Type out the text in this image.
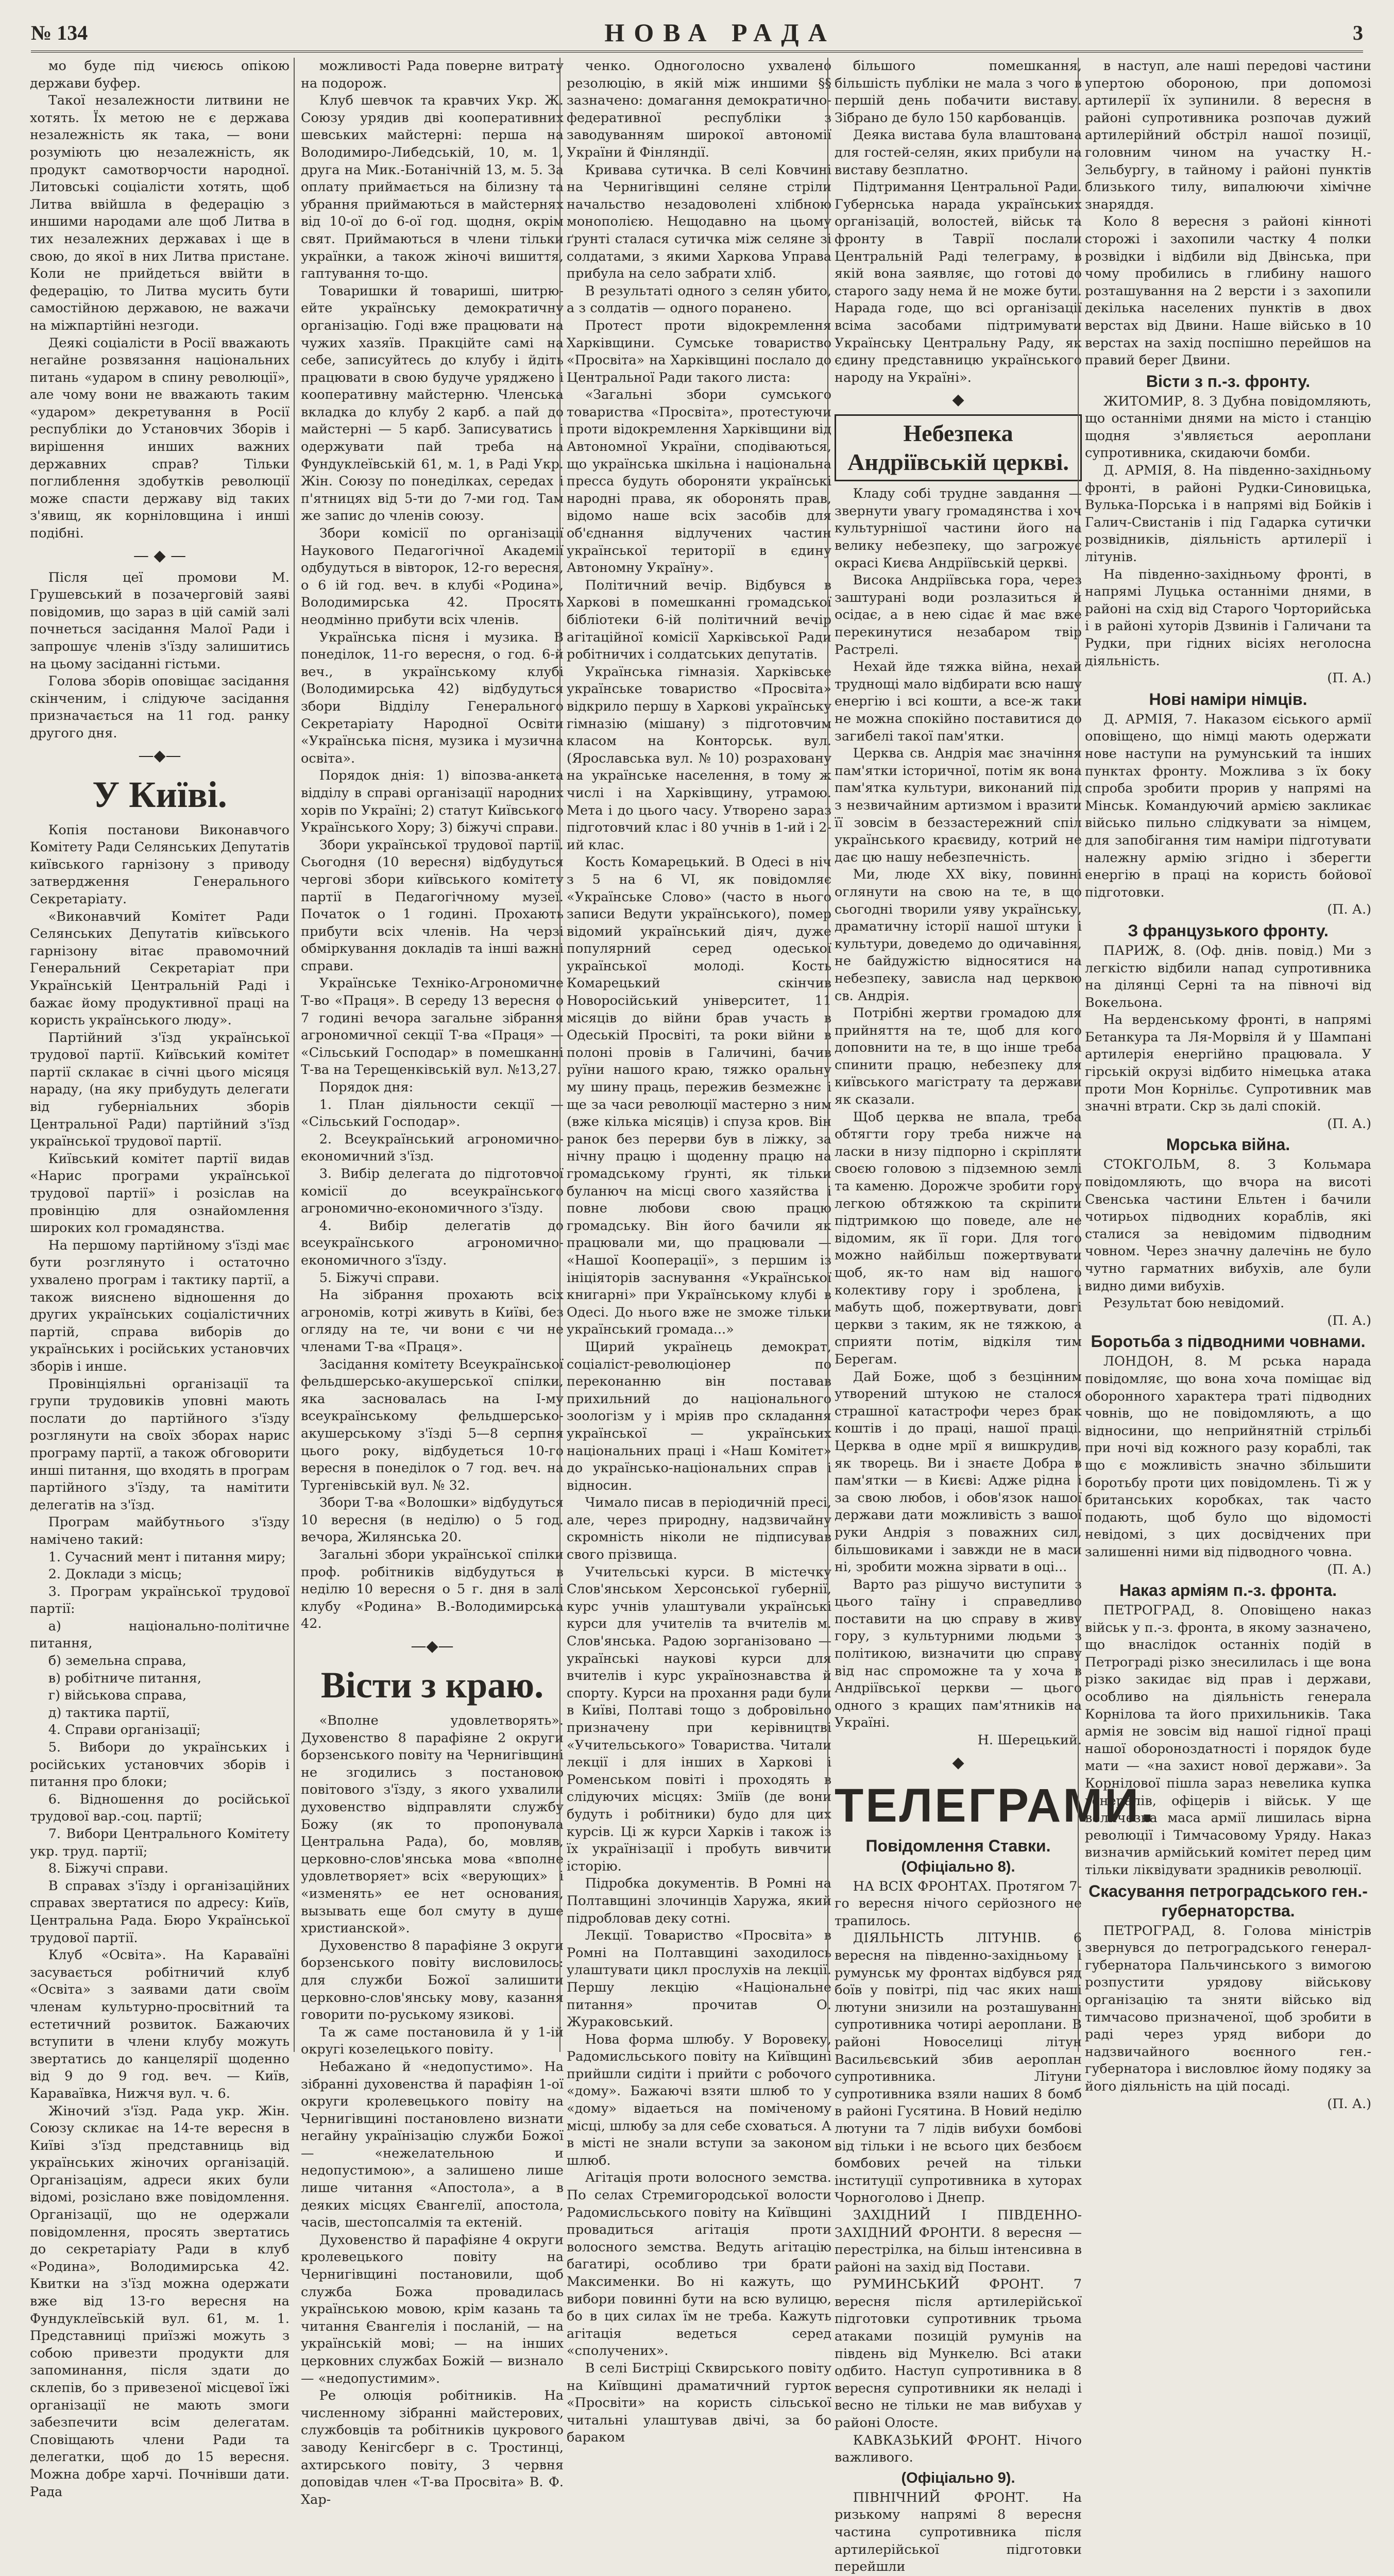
№ 134	НОВА РАДА	3
мо буде під чиєюсь опікою держави буфер.
Такої незалежности литвини не хотять. Їх метою не є держава незалежність як така, — вони розуміють цю незалежність, як продукт самотворчости народної. Литовські соціалісти хотять, щоб Литва ввійшла в федерацію з иншими народами але щоб Литва в тих незалежних державах і ще в свою, до якої в них Литва пристане. Коли не прийдеться ввійти в федерацію, то Литва мусить бути самостійною державою, не важачи на міжпартійні незгоди.
Деякі соціалісти в Росії вважають негайне розвязання національних питань «ударом в спину революції», але чому вони не вважають таким «ударом» декретування в Росії республіки до Установчих Зборів і вирішення инших важних державних справ? Тільки поглиблення здобутків революції може спасти державу від таких з'явищ, як корніловщина і инші подібні.
— ◆ —
Після цеї промови М. Грушевський в позачерговій заяві повідомив, що зараз в цій самій залі почнеться засідання Малої Ради і запрошує членів з'їзду залишитись на цьому засіданні гістьми.
Голова зборів оповіщає засідання скінченим, і слідуюче засідання призначається на 11 год. ранку другого дня.
—◆—
У Київі.
Копія постанови Виконавчого Комітету Ради Селянських Депутатів київського гарнізону з приводу затвердження Генерального Секретаріату.
«Виконавчий Комітет Ради Селянських Депутатів київського гарнізону вітає правомочний Генеральний Секретаріат при Українській Центральній Раді і бажає йому продуктивної праці на користь українського люду».
Партійний з'їзд української трудової партії. Київський комітет партії склакає в січні цього місяця нараду, (на яку прибудуть делегати від губерніальних зборів Центральної Ради) партійний з'їзд української трудової партії.
Київський комітет партії видав «Нарис програми української трудової партії» і розіслав на провінцію для ознайомлення широких кол громадянства.
На першому партійному з'їзді має бути розглянуто і остаточно ухвалено програм і тактику партії, а також вияснено відношення до других українських соціалістичних партій, справа виборів до українських і російських установчих зборів і инше.
Провінціяльні організації та групи трудовиків уповні мають послати до партійного з'їзду розглянути на своїх зборах нарис програму партії, а також обговорити инші питання, що входять в програм партійного з'їзду, та намітити делегатів на з'їзд.
Програм майбутнього з'їзду намічено такий:
1. Сучасний мент і питання миру;
2. Доклади з місць;
3. Програм української трудової партії:
а) національно-політичне питання,
б) земельна справа,
в) робітниче питання,
г) військова справа,
д) тактика партії,
4. Справи організації;
5. Вибори до українських і російських установчих зборів і питання про блоки;
6. Відношення до російської трудової вар.-соц. партії;
7. Вибори Центрального Комітету укр. труд. партії;
8. Біжучі справи.
В справах з'їзду і організаційних справах звертатися по адресу: Київ, Центральна Рада. Бюро Української трудової партії.
Клуб «Освіта». На Караваїні засувається робітничий клуб «Освіта» з заявами дати своїм членам культурно-просвітний та естетичний розвиток. Бажаючих вступити в члени клубу можуть звертатись до канцелярії щоденно від 9 до 9 год. веч. — Київ, Караваївка, Нижчя вул. ч. 6.
Жіночий з'їзд. Рада укр. Жін. Союзу скликає на 14-те вересня в Київі з'їзд представниць від українських жіночих організацій. Організаціям, адреси яких були відомі, розіслано вже повідомлення. Організації, що не одержали повідомлення, просять звертатись до секретаріату Ради в клуб «Родина», Володимирська 42. Квитки на з'їзд можна одержати вже від 13-го вересня на Фундуклеївській вул. 61, м. 1. Представниці приїзжі можуть з собою привезти продукти для запоминання, після здати до склепів, бо з привезеної місцевої їжі організації не мають змоги забезпечити всім делегатам. Сповіщають члени Ради та делегатки, щоб до 15 вересня. Можна добре харчі. Почнівши дати. Рада
можливості Рада поверне витрату на подорож.
Клуб шевчок та кравчих Укр. Ж. Союзу урядив дві кооперативних шевських майстерні: перша на Володимиро-Либедській, 10, м. 1, друга на Мик.-Ботанічній 13, м. 5. За оплату приймається на білизну та убрання приймаються в майстернях від 10-ої до 6-ої год. щодня, окрім свят. Приймаються в члени тільки українки, а також жіночі вишиття, гаптування то-що.
Товаришки й товариші, шитрю-ейте українську демократичну організацію. Годі вже працювати на чужих хазяїв. Пракційте самі на себе, записуйтесь до клубу і йдіть працювати в свою будуче уряджено і кооперативну майстерню. Членська вкладка до клубу 2 карб. а пай до майстерні — 5 карб. Записуватись і одержувати пай треба на Фундуклеївській 61, м. 1, в Раді Укр. Жін. Союзу по понеділках, середах і п'ятницях від 5-ти до 7-ми год. Там же запис до членів союзу.
Збори комісії по організації Наукового Педагогічної Академії одбудуться в вівторок, 12-го вересня, о 6 ій год. веч. в клубі «Родина», Володимирська 42. Просять неодмінно прибути всіх членів.
Українська пісня і музика. В понеділок, 11-го вересня, о год. 6-й веч., в українському клубі (Володимирська 42) відбудуться збори Відділу Генерального Секретаріату Народної Освіти «Українська пісня, музика і музична освіта».
Порядок днія: 1) віпозва-анкета відділу в справі організації народних хорів по Україні; 2) статут Київського Українського Хору; 3) біжучі справи.
Збори української трудової партії. Сьогодня (10 вересня) відбудуться чергові збори київського комітету партії в Педагогічному музеї. Початок о 1 годині. Прохають прибути всіх членів. На черзі обміркування докладів та інші важні справи.
Українське Техніко-Агрономичне Т-во «Праця». В середу 13 вересня о 7 годині вечора загальне зібрання агрономичної секції Т-ва «Праця» — «Сільський Господар» в помешканні Т-ва на Терещенківській вул. №13,27.
Порядок дня:
1. План діяльности секції — «Сільський Господар».
2. Всеукраїнський агрономично-економичний з'їзд.
3. Вибір делегата до підготовчої комісії до всеукраїнського агрономично-економичного з'їзду.
4. Вибір делегатів до всеукраїнського агрономично-економичного з'їзду.
5. Біжучі справи.
На зібрання прохають всіх агрономів, котрі живуть в Київі, без огляду на те, чи вони є чи не членами Т-ва «Праця».
Засідання комітету Всеукраїнської фельдшерсько-акушерської спілки, яка засновалась на І-му всеукраїнському фельдшерсько-акушерському з'їзді 5—8 серпня цього року, відбудеться 10-го вересня в понеділок о 7 год. веч. на Тургенівській вул. № 32.
Збори Т-ва «Волошки» відбудуться 10 вересня (в неділю) о 5 год. вечора, Жилянська 20.
Загальні збори української спілки проф. робітників відбудуться в неділю 10 вересня о 5 г. дня в залі клубу «Родина» В.-Володимирська 42.
—◆—
Вісти з краю.
«Вполне удовлетворять». Духовенство 8 парафіяне 2 округи борзенського повіту на Чернигівщині не згодились з постановою повітового з'їзду, з якого ухвалили духовенство відправляти службу Божу (як то пропонувала Центральна Рада), бо, мовляв, церковно-слов'янська мова «вполне удовлетворяет» всіх «верующих» і «изменять» ее нет основания, вызывать еще бол смуту в душе христианской».
Духовенство 8 парафіяне 3 округи борзенського повіту висловилось: для служби Божої залишити церковно-слов'янську мову, казання говорити по-руському язикові.
Та ж саме постановила й у 1-ій округі козелецького повіту.
Небажано й «недопустимо». На зібранні духовенства й парафіян 1-ої округи кролевецького повіту на Чернигівщині постановлено визнати негайну українізацію служби Божої — «нежелательною и недопустимою», а залишено лише лише читання «Апостола», а в деяких місцях Євангелії, апостола, часів, шестопсалмія та ектеній.
Духовенство й парафіяне 4 округи кролевецького повіту на Чернигівщині постановили, щоб служба Божа провадилась українською мовою, крім казань та читання Євангелія і посланій, — на українській мові; — на інших церковних службах Божій — визнало — «недопустимим».
Ре олюція робітників. На численному зібранні майстерових, службовців та робітників цукрового заводу Кенігсберг в с. Тростинці, ахтирського повіту, 3 червня доповідав член «Т-ва Просвіта» В. Ф. Хар-
ченко. Одноголосно ухвалено резолюцію, в якій між иншими §§ зазначено: домагання демократично-федеративної республіки з заводуванням широкої автономії України й Фінляндії.
Кривава сутичка. В селі Ковчині на Чернигівщині селяне стріли начальство незадоволені хлібною монополією. Нещодавно на цьому ґрунті сталася сутичка між селяне зі солдатами, з якими Харкова Управа прибула на село забрати хліб.
В результаті одного з селян убито, а з солдатів — одного поранено.
Протест проти відокремлення Харківщини. Сумське товариство «Просвіта» на Харківщині послало до Центральної Ради такого листа:
«Загальні збори сумського товариства «Просвіта», протестуючи проти відокремлення Харківщини від Автономної України, сподіваються, що українська шкільна і національна пресса будуть обороняти українські народні права, як оборонять прав, відомо наше всіх засобів для об'єднання відлучених частин української території в єдину Автономну Україну».
Політичний вечір. Відбувся в Харкові в помешканні громадської бібліотеки 6-ій політичний вечір агітаційної комісії Харківської Ради робітничих і солдатських депутатів.
Українська гімназія. Харківське українське товариство «Просвіта» відкрило першу в Харкові українську гімназію (мішану) з підготовчим класом на Конторськ. вул. (Ярославська вул. № 10) розраховану на українське населення, в тому ж числі і на Харківщину, утрамою. Мета і до цього часу. Утворено зараз підготовчий клас і 80 учнів в 1-ий і 2-ий клас.
Кость Комарецький. В Одесі в ніч з 5 на 6 VI, як повідомляє «Українське Слово» (часто в нього записи Ведути українського), помер відомий український діяч, дуже популярний серед одеської української молоді. Кость Комарецький скінчив Новоросійський університет, 11 місяців до війни брав участь в Одеській Просвіті, та роки війни в полоні провів в Галичині, бачив руїни нашого краю, тяжко оральну му шину праць, пережив безмежнє і ще за часи революції мастерно з ним (вже кілька місяців) і спуза кров. Він ранок без перерви був в ліжку, за нічну працю і щоденну працю на громадському ґрунті, як тільки буланюч на місці свого хазяйства і повне любови свою працю громадську. Він його бачили як працювали ми, що працювали — «Нашої Кооперації», з першим із ініціяторів заснування «Української книгарні» при Українському клубі в Одесі. До нього вже не зможе тільки український громада...»
Щирий українець демократ, соціаліст-революціонер по переконанню він поставав прихильний до національного зоологізм у і мріяв про складання української — українських національних праці і «Наш Комітет» до українсько-національних справ і відносин.
Чимало писав в періодичній пресі, але, через природну, надзвичайну скромність ніколи не підписував свого прізвища.
Учительські курси. В містечку Слов'янськом Херсонської губернії, курс учнів улаштували українські курси для учителів та вчителів м. Слов'янська. Радою зорганізовано — українські наукові курси для вчителів і курс українознавства й спорту. Курси на прохання ради були в Київі, Полтаві тощо з добровільно призначену при керівництві «Учительського» Товариства. Читали лекції і для інших в Харкові і Роменськом повіті і проходять в слідуючих місцях: Зміїв (де вони будуть і робітники) будо для цих курсів. Ці ж курси Харків і також із їх українізації і пробуть вивчити історію.
Підробка документів. В Ромні на Полтавщині злочинців Харужа, який підробловав деку сотні.
Лекції. Товариство «Просвіта» в Ромні на Полтавщині заходилось улаштувати цикл прослухів на лекції. Першу лекцію «Національне питання» прочитав О. Жураковський.
Нова форма шлюбу. У Воровеку, Радомисльського повіту на Київщині прийшли сидіти і прийти с робочого «дому». Бажаючі взяти шлюб то у «дому» відаеться на поміченому місці, шлюбу за для себе сховаться. А в місті не знали вступи за законом шлюб.
Агітація проти волосного земства. По селах Стремигородської волости Радомисльського повіту на Київщині провадиться агітація проти волосного земства. Ведуть агітацію багатирі, особливо три брати Максименки. Во ні кажуть, що вибори повинні бути на всю вулицю, бо в цих силах їм не треба. Кажуть агітація ведеться серед «сполучених».
В селі Бистріці Сквирського повіту на Київщині драматичний гурток «Просвіти» на користь сільської читальні улаштував двічі, за бо бараком
більшого помешкання, більшість публіки не мала з чого в першій день побачити виставу. Зібрано де було 150 карбованців.
Деяка вистава була влаштована для гостей-селян, яких прибули на виставу безплатно.
Підтримання Центральної Ради. Губернська нарада українських організацій, волостей, військ та фронту в Таврії послали Центральній Раді телеграму, в якій вона заявляє, що готові до старого заду нема й не може бути. Нарада годе, що всі організації всіма засобами підтримувати Українську Центральну Раду, як єдину представницю українського народу на Україні».
◆
Небезпека Андріївській церкві.
Кладу собі трудне завдання — звернути увагу громадянства і хоч культурнішої частини його на велику небезпеку, що загрожує окрасі Києва Андріївській церкві.
Висока Андріївська гора, через заштурані води розлазиться й осідає, а в нею сідає й має вже перекинутися незабаром твір Растрелі.
Нехай йде тяжка війна, нехай труднощі мало відбирати всю нашу енергію і всі кошти, а все-ж таки не можна спокійно поставитися до загибелі такої пам'ятки.
Церква св. Андрія має значіння пам'ятки історичної, потім як вона пам'ятка культури, виконаний під з незвичайним артизмом і вразити її зовсім в беззастережний спіл українського краєвиду, котрий не дає цю нашу небезпечність.
Ми, люде XX віку, повинні оглянути на свою на те, в що сьогодні творили уяву українську, драматичну історії нашої штуки і культури, доведемо до одичавіння, не байдужістю відносятися на небезпеку, зависла над церквою св. Андрія.
Потрібні жертви громадою для прийняття на те, щоб для кого доповнити на те, в що інше треба спинити працю, небезпеку для київського магістрату та держави як сказали.
Щоб церква не впала, треба обтягти гору треба нижче на ласки в низу підпорно і скріпляти своєю головою з підземною землі та каменю. Дорожче зробити гору легкою обтяжкою та скріпити підтримкою що поведе, але не відомим, як її гори. Для того можно найбільш пожертвувати щоб, як-то нам від нашого колективу гору і зроблена, і мабуть щоб, пожертвувати, довгі церкви з таким, як не тяжкою, а сприяти потім, відкіля тим Берегам.
Дай Боже, щоб з безцінним утворений штукою не сталося страшної катастрофи через брак коштів і до праці, нашої праці. Церква в одне мрії я вишкрудив, як творець. Ви і знаєте Добра в пам'ятки — в Києві: Адже рідна і за свою любов, і обов'язок нашої держави дати можливість з вашої руки Андрія з поважних сил, більшовиками і завжди не в маси ні, зробити можна зірвати в оці...
Варто раз рішучо виступити з цього таїну і справедливо поставити на цю справу в живу гору, з культурними людьми з політикою, визначити цю справу від нас спроможне та у хоча в Андріївської церкви — цього одного з кращих пам'ятників на Україні.
Н. Шерецький.
◆
ТЕЛЕГРАМИ.
Повідомлення Ставки.
(Офіціально 8).
НА ВСІХ ФРОНТАХ. Протягом 7-го вересня нічого серйозного не трапилось.
ДІЯЛЬНІСТЬ ЛІТУНІВ. 6 вересня на південно-західньому і румунськ му фронтах відбувся ряд боїв у повітрі, під час яких наші лютуни знизили на розташуванні супротивника чотирі аероплани. В районі Новоселиці літун Васильєвський збив аероплан супротивника. Літуни супротивника взяли наших 8 бомб в районі Гусятина. В Новий неділю лютуни та 7 лідів вибухи бомбові від тільки і не всього цих безбоєм бомбових речей на тільки інституції супротивника в хуторах Чорноголово і Днепр.
ЗАХІДНИЙ І ПІВДЕННО-ЗАХІДНИЙ ФРОНТИ. 8 вересня — перестрілка, на більш інтенсивна в районі на захід від Постави.
РУМИНСЬКИЙ ФРОНТ. 7 вересня після артилерійської підготовки супротивник трьома атаками позицій румунів на південь від Мункелю. Всі атаки одбито. Наступ супротивника в 8 вересня супротивники як неладі і весно не тільки не мав вибухав у районі Олосте.
КАВКАЗЬКИЙ ФРОНТ. Нічого важливого.
(Офіціально 9).
ПІВНІЧНИЙ ФРОНТ. На ризькому напрямі 8 вересня частина супротивника після артилерійської підготовки перейшли
в наступ, але наші передові частини упертою обороною, при допомозі артилерії їх зупинили. 8 вересня в районі супротивника розпочав дужий артилерійний обстріл нашої позиції, головним чином на участку Н.-Зельбургу, в тайному і районі пунктів близького тилу, випалюючи хімічне знаряддя.
Коло 8 вересня з районі кінноті сторожі і захопили частку 4 полки розвідки і відбили від Двінська, при чому пробились в глибину нашого розташування на 2 версти і з захопили декілька населених пунктів в двох верстах від Двини. Наше військо в 10 верстах на захід поспішно перейшов на правий берег Двини.
Вісти з п.-з. фронту.
ЖИТОМИР, 8. З Дубна повідомляють, що останніми днями на місто і станцію щодня з'являється аероплани супротивника, скидаючи бомби.
Д. АРМІЯ, 8. На південно-західньому фронті, в районі Рудки-Синовицька, Вулька-Порська і в напрямі від Бойків і Галич-Свистанів і під Гадарка сутички розвідників, діяльність артилерії і літунів.
На південно-західньому фронті, в напрямі Луцька останніми днями, в районі на схід від Старого Чорторийська і в районі хуторів Дзвинів і Галичани та Рудки, при гідних вісіях неголосна діяльність.
(П. А.)
Нові наміри німців.
Д. АРМІЯ, 7. Наказом єіського армії оповіщено, що німці мають одержати нове наступи на румунський та інших пунктах фронту. Можлива з їх боку спроба зробити прорив у напрямі на Мінськ. Командуючий армією закликає військо пильно слідкувати за німцем, для запобігання тим наміри підготувати належну армію згідно і зберегти енергію в праці на користь бойової підготовки.
(П. А.)
З французького фронту.
ПАРИЖ, 8. (Оф. днів. повід.) Ми з легкістю відбили напад супротивника на ділянці Серні та на півночі від Вокельона.
На верденському фронті, в напрямі Бетанкура та Ля-Морвіля й у Шампані артилерія енергійно працювала. У гірській окрузі відбито німецька атака проти Мон Корнільє. Супротивник мав значні втрати. Скр зь далі спокій.
(П. А.)
Морська війна.
СТОКГОЛЬМ, 8. З Кольмара повідомляють, що вчора на висоті Свенська частини Ельтен і бачили чотирьох підводних кораблів, які сталися за невідомим підводним човном. Через значну далечінь не було чутно гарматних вибухів, але були видно дими вибухів.
Результат бою невідомий.
(П. А.)
Боротьба з підводними човнами.
ЛОНДОН, 8. М рська нарада повідомляє, що вона хоча поміщає від оборонного характера траті підводних човнів, що не повідомляють, а що відносини, що неприйнятній стрільбі при ночі від кожного разу кораблі, так що є можливість значно збільшити боротьбу проти цих повідомлень. Ті ж у британських коробках, так часто подають, щоб було що відомості невідомі, з цих досвідчених при залишенні ними від підводного човна.
(П. А.)
Наказ арміям п.-з. фронта.
ПЕТРОГРАД, 8. Оповіщено наказ військ у п.-з. фронта, в якому зазначено, що внаслідок останніх подій в Петрограді різко знесилилась і ще вона різко закидає від прав і держави, особливо на діяльність генерала Корнілова та його прихильників. Така армія не зовсім від нашої гідної праці нашої обороноздатності і порядок буде мати — «на захист нової держави». За Корнілової пішла зараз невелика купка генералів, офіцерів і військ. У ще величезна маса армії лишилась вірна революції і Тимчасовому Уряду. Наказ визначив армійський комітет перед цим тільки ліквідувати зрадників революції.
Скасування петроградського ген.-губернаторства.
ПЕТРОГРАД, 8. Голова міністрів звернувся до петроградського генерал-губернатора Пальчинського з вимогою розпустити урядову військову організацію та зняти військо від тимчасово призначеної, щоб зробити в раді через уряд вибори до надзвичайного воєнного ген.-губернатора і висловлює йому подяку за його діяльність на цій посаді.
(П. А.)
